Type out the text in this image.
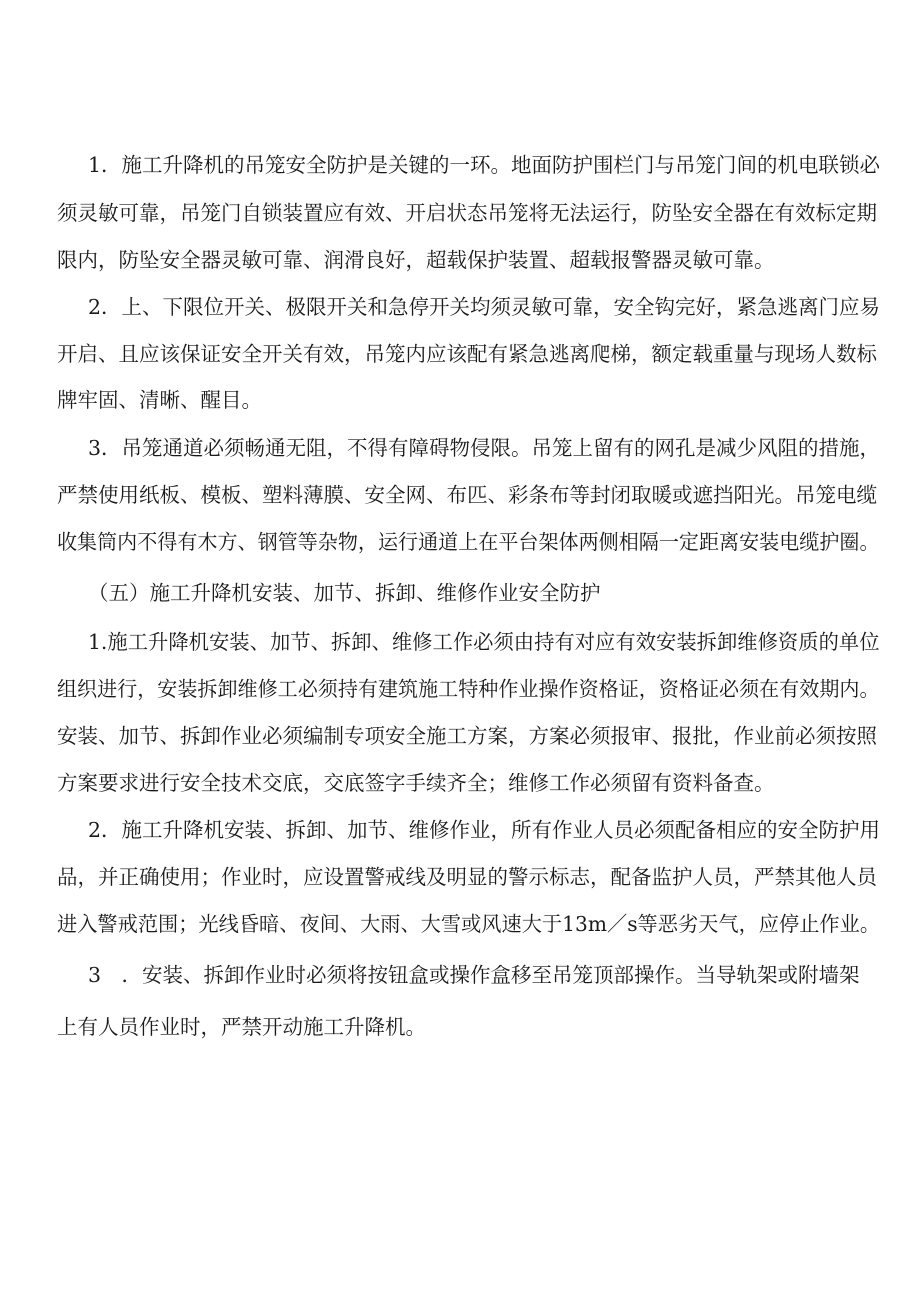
1．施工升降机的吊笼安全防护是关键的一环。地面防护围栏门与吊笼门间的机电联锁必
须灵敏可靠，吊笼门自锁装置应有效、开启状态吊笼将无法运行，防坠安全器在有效标定期
限内，防坠安全器灵敏可靠、润滑良好，超载保护装置、超载报警器灵敏可靠。
2．上、下限位开关、极限开关和急停开关均须灵敏可靠，安全钩完好，紧急逃离门应易
开启、且应该保证安全开关有效，吊笼内应该配有紧急逃离爬梯，额定载重量与现场人数标
牌牢固、清晰、醒目。
3．吊笼通道必须畅通无阻，不得有障碍物侵限。吊笼上留有的网孔是减少风阻的措施，
严禁使用纸板、模板、塑料薄膜、安全网、布匹、彩条布等封闭取暖或遮挡阳光。吊笼电缆
收集筒内不得有木方、钢管等杂物，运行通道上在平台架体两侧相隔一定距离安装电缆护圈。
（五）施工升降机安装、加节、拆卸、维修作业安全防护
1.施工升降机安装、加节、拆卸、维修工作必须由持有对应有效安装拆卸维修资质的单位
组织进行，安装拆卸维修工必须持有建筑施工特种作业操作资格证，资格证必须在有效期内。
安装、加节、拆卸作业必须编制专项安全施工方案，方案必须报审、报批，作业前必须按照
方案要求进行安全技术交底，交底签字手续齐全；维修工作必须留有资料备查。
2．施工升降机安装、拆卸、加节、维修作业，所有作业人员必须配备相应的安全防护用
品，并正确使用；作业时，应设置警戒线及明显的警示标志，配备监护人员，严禁其他人员
进入警戒范围；光线昏暗、夜间、大雨、大雪或风速大于13m／s等恶劣天气，应停止作业。
3　．安装、拆卸作业时必须将按钮盒或操作盒移至吊笼顶部操作。当导轨架或附墙架
上有人员作业时，严禁开动施工升降机。
